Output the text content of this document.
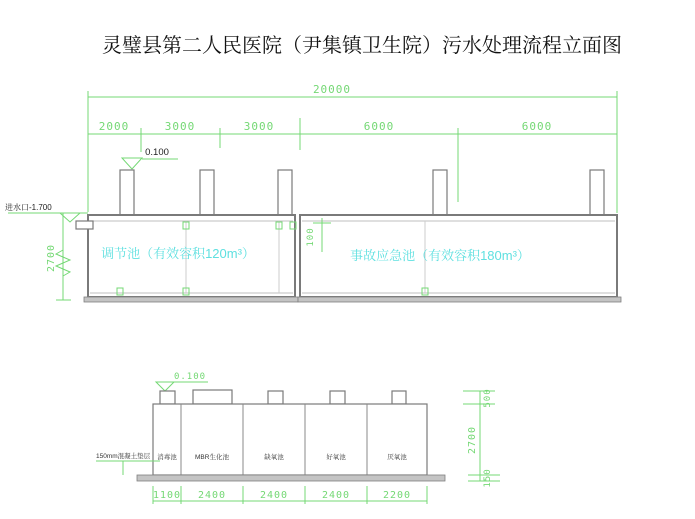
灵璧县第二人民医院（尹集镇卫生院）污水处理流程立面图
20000
2000	3000	3000	6000	6000
0.100
100
进水口-1.700
2700	调节池（有效容积120m³）	事故应急池（有效容积180m³）
0.100
消毒池	MBR生化池	缺氧池	好氧池	厌氧池
150mm混凝土垫层
500
2700
150
1100 2400	2400	2400	2200
